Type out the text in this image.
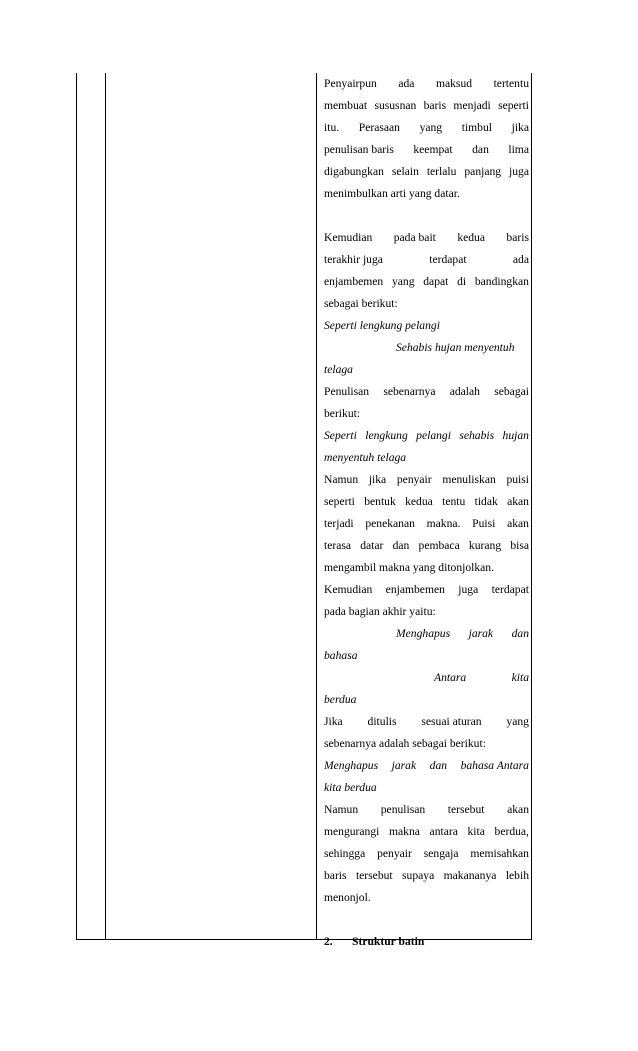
Penyairpun ada maksud tertentu
membuat sususnan baris menjadi seperti
itu. Perasaan yang timbul jika
penulisan baris keempat dan lima
digabungkan selain terlalu panjang juga
menimbulkan arti yang datar.
Kemudian pada bait kedua baris
terakhir juga	terdapat	ada
enjambemen yang dapat di bandingkan
sebagai berikut:
Seperti lengkung pelangi
Sehabis hujan menyentuh
telaga
Penulisan sebenarnya adalah sebagai
berikut:
Seperti lengkung pelangi sehabis hujan
menyentuh telaga
Namun jika penyair menuliskan puisi
seperti bentuk kedua tentu tidak akan
terjadi penekanan makna. Puisi akan
terasa datar dan pembaca kurang bisa
mengambil makna yang ditonjolkan.
Kemudian enjambemen juga terdapat
pada bagian akhir yaitu:
Menghapus jarak dan
bahasa
Antara	kita
berdua
Jika ditulis sesuai aturan yang
sebenarnya adalah sebagai berikut:
Menghapus jarak dan bahasa Antara
kita berdua
Namun penulisan tersebut akan
mengurangi makna antara kita berdua,
sehingga penyair sengaja memisahkan
baris tersebut supaya makananya lebih
menonjol.
2. Struktur batin
